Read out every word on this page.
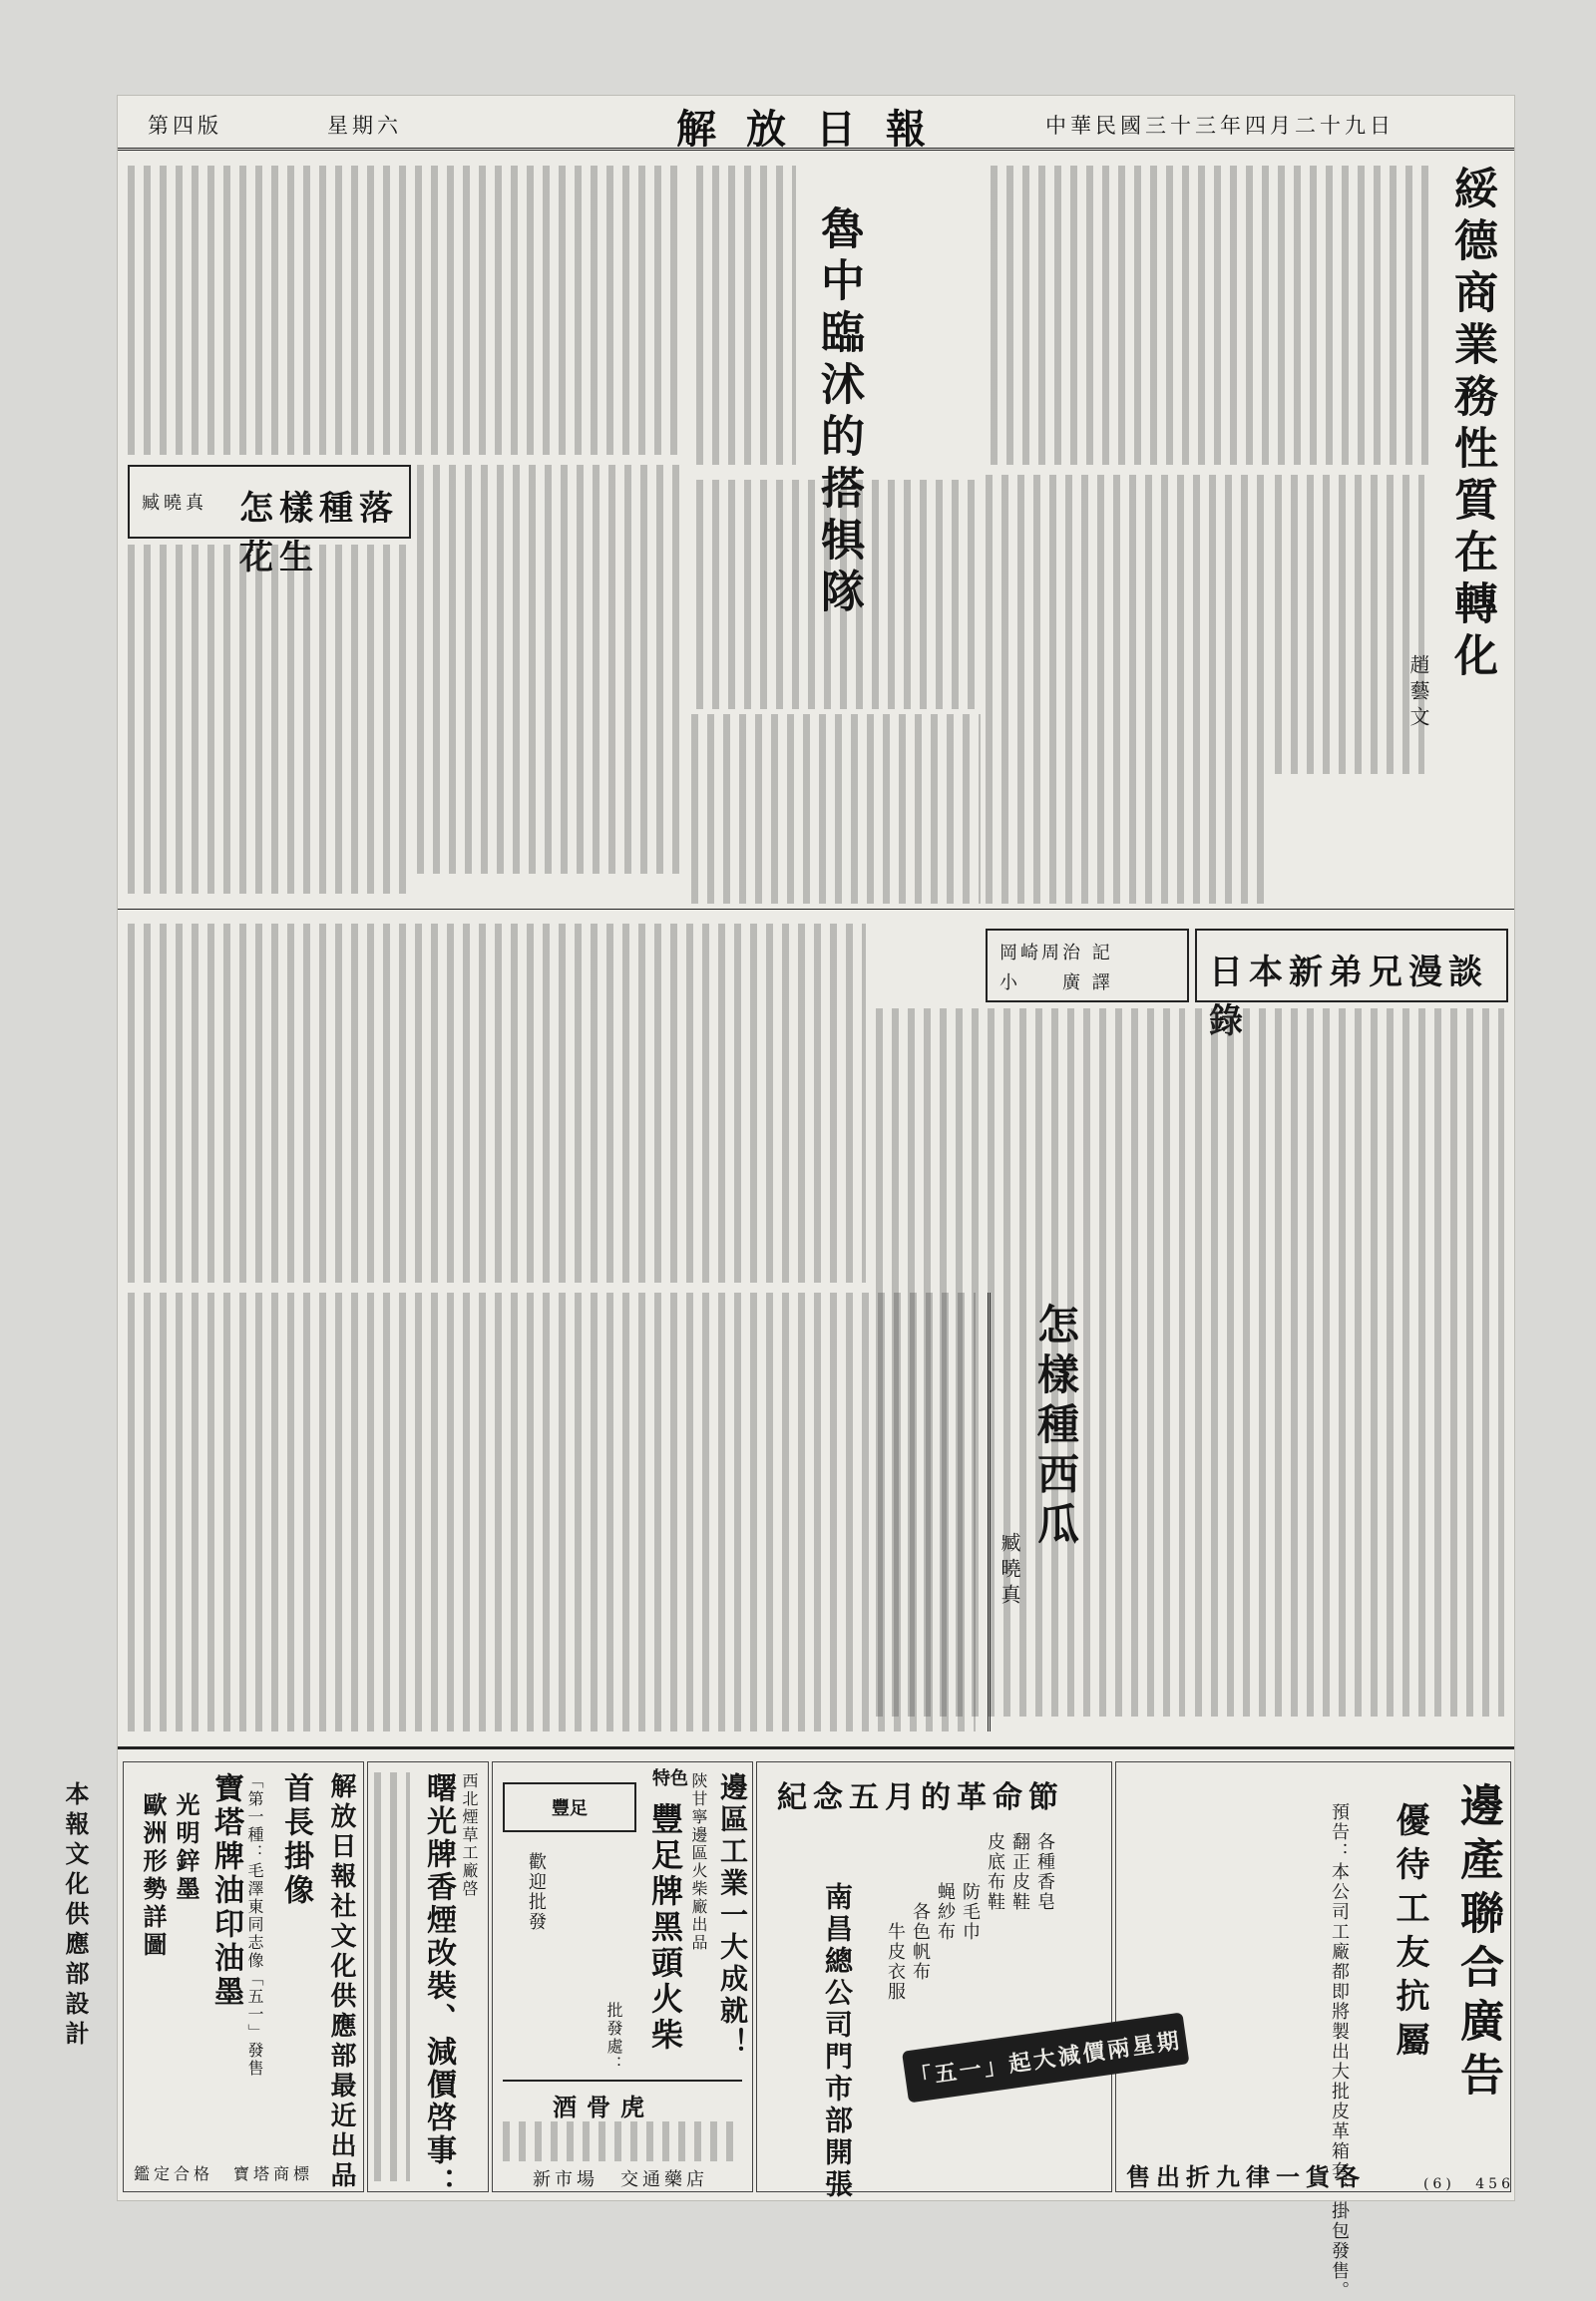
第四版	星期六	解放日報	中華民國三十三年四月二十九日
綏德商業務性質在轉化
趙藝文
魯中臨沭的搭犋隊
怎樣種落花生
臧曉真
日本新弟兄漫談錄
岡崎周治 記
小　　廣 譯
怎樣種西瓜
臧曉真
邊產聯合廣告
優待工友抗屬
預告：本公司工廠都即將製出大批皮革箱套、掛包發售。
售出折九律一貨各
紀念五月的革命節
各種香皂
翻正皮鞋
皮底布鞋
防毛巾
蝇紗布
各色帆布
牛皮衣服
南昌總公司門市部開張 「五一」起大減價兩星期
邊區工業一大成就！
陝甘寧邊區火柴廠出品
豐足牌黑頭火柴
特色
豐足
歡迎批發
批發處：
酒骨虎
新市場　交通藥店
西北煙草工廠啓
曙光牌香煙改裝、減價啓事：
解放日報社文化供應部最近出品
首長掛像
「第一種：毛澤東同志像「五一」發售
寶塔牌油印油墨
光明鋅墨
歐洲形勢詳圖
鑑定合格　寶塔商標
本報文化供應部設計
(6) 456
